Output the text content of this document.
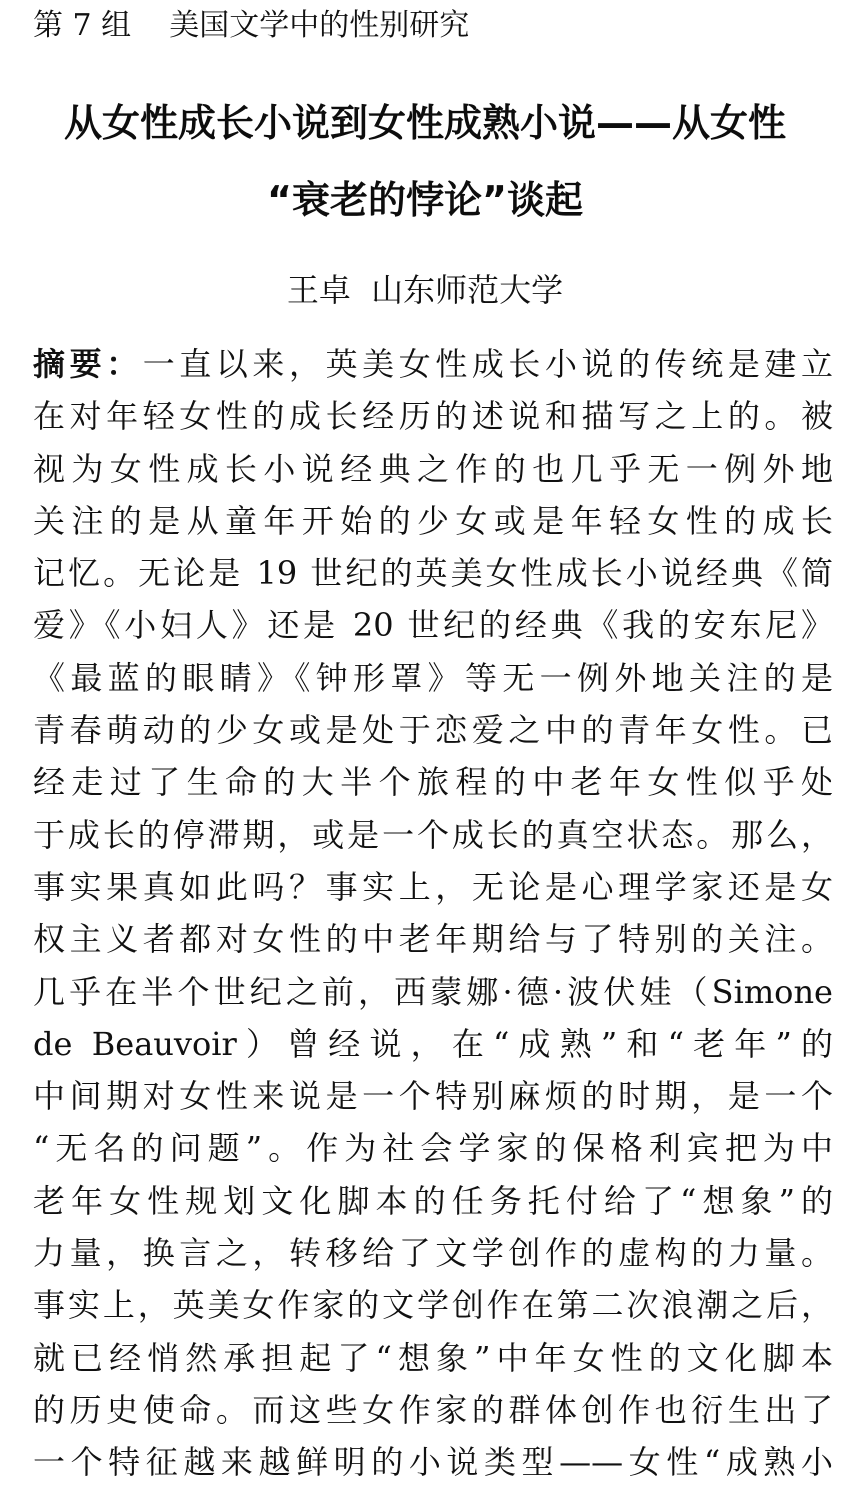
第 7 组    美国文学中的性别研究
从女性成长小说到女性成熟小说——从女性
“衰老的悖论”谈起
王卓  山东师范大学
摘要：一直以来，英美女性成长小说的传统是建立
在对年轻女性的成长经历的述说和描写之上的。被
视为女性成长小说经典之作的也几乎无一例外地
关注的是从童年开始的少女或是年轻女性的成长
记忆。无论是 19 世纪的英美女性成长小说经典《简
爱》《小妇人》还是 20 世纪的经典《我的安东尼》
《最蓝的眼睛》《钟形罩》等无一例外地关注的是
青春萌动的少女或是处于恋爱之中的青年女性。已
经走过了生命的大半个旅程的中老年女性似乎处
于成长的停滞期，或是一个成长的真空状态。那么，
事实果真如此吗？事实上，无论是心理学家还是女
权主义者都对女性的中老年期给与了特别的关注。
几乎在半个世纪之前，西蒙娜·德·波伏娃（Simone
de Beauvoir）曾经说，在“成熟”和“老年”的
中间期对女性来说是一个特别麻烦的时期，是一个
“无名的问题”。作为社会学家的保格利宾把为中
老年女性规划文化脚本的任务托付给了“想象”的
力量，换言之，转移给了文学创作的虚构的力量。
事实上，英美女作家的文学创作在第二次浪潮之后，
就已经悄然承担起了“想象”中年女性的文化脚本
的历史使命。而这些女作家的群体创作也衍生出了
一个特征越来越鲜明的小说类型——女性“成熟小
